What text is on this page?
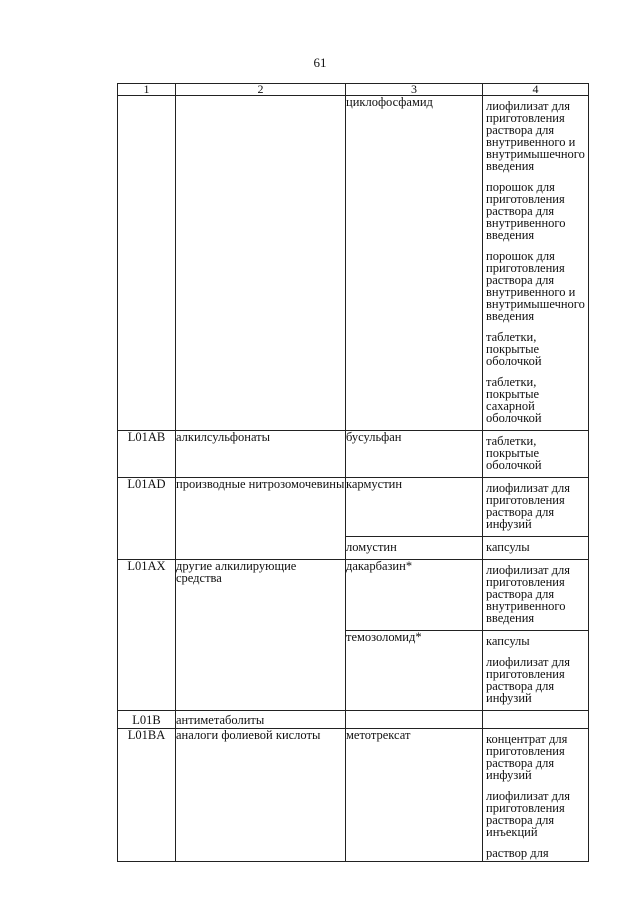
61
1	2	3	4
		циклофосфамид	лиофилизат для приготовления раствора для внутривенного и внутримышечного введения
порошок для приготовления раствора для внутривенного введения
порошок для приготовления раствора для внутривенного и внутримышечного введения
таблетки, покрытые оболочкой
таблетки, покрытые сахарной оболочкой

L01AB	алкилсульфонаты	бусульфан	таблетки, покрытые оболочкой

L01AD	производные нитрозомочевины	кармустин	лиофилизат для приготовления раствора для инфузий

		ломустин	капсулы

L01AX	другие алкилирующие средства	дакарбазин*	лиофилизат для приготовления раствора для внутривенного введения

		темозоломид*	капсулы
лиофилизат для приготовления раствора для инфузий

L01B	антиметаболиты		
L01BA	аналоги фолиевой кислоты	метотрексат	концентрат для приготовления раствора для инфузий
лиофилизат для приготовления раствора для инъекций
раствор для
